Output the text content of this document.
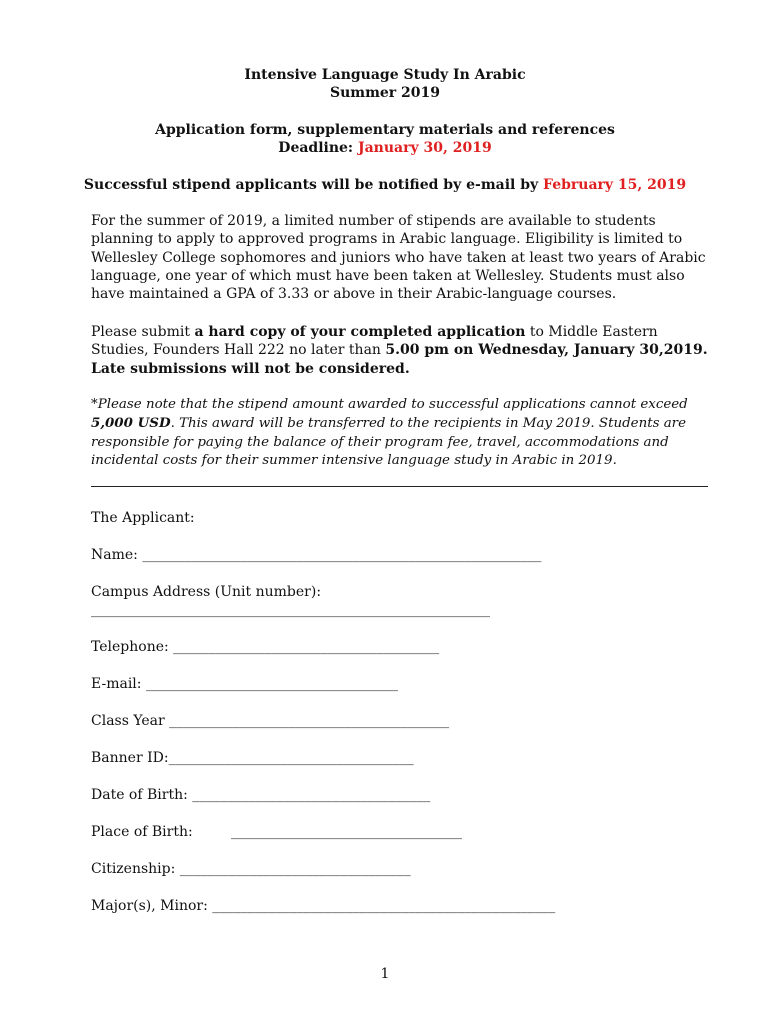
Intensive Language Study In Arabic
Summer 2019
Application form, supplementary materials and references
Deadline: January 30, 2019
Successful stipend applicants will be notified by e-mail by February 15, 2019
For the summer of 2019, a limited number of stipends are available to students planning to apply to approved programs in Arabic language. Eligibility is limited to Wellesley College sophomores and juniors who have taken at least two years of Arabic language, one year of which must have been taken at Wellesley. Students must also have maintained a GPA of 3.33 or above in their Arabic-language courses.
Please submit a hard copy of your completed application to Middle Eastern Studies, Founders Hall 222 no later than 5.00 pm on Wednesday, January 30,2019. Late submissions will not be considered.
*Please note that the stipend amount awarded to successful applications cannot exceed 5,000 USD. This award will be transferred to the recipients in May 2019. Students are responsible for paying the balance of their program fee, travel, accommodations and incidental costs for their summer intensive language study in Arabic in 2019.
The Applicant:
Name: _________________________________________________________
Campus Address (Unit number):
_________________________________________________________
Telephone: ______________________________________
E-mail: ____________________________________
Class Year ________________________________________
Banner ID:___________________________________
Date of Birth: __________________________________
Place of Birth:	_________________________________
Citizenship: _________________________________
Major(s), Minor: _________________________________________________
1
